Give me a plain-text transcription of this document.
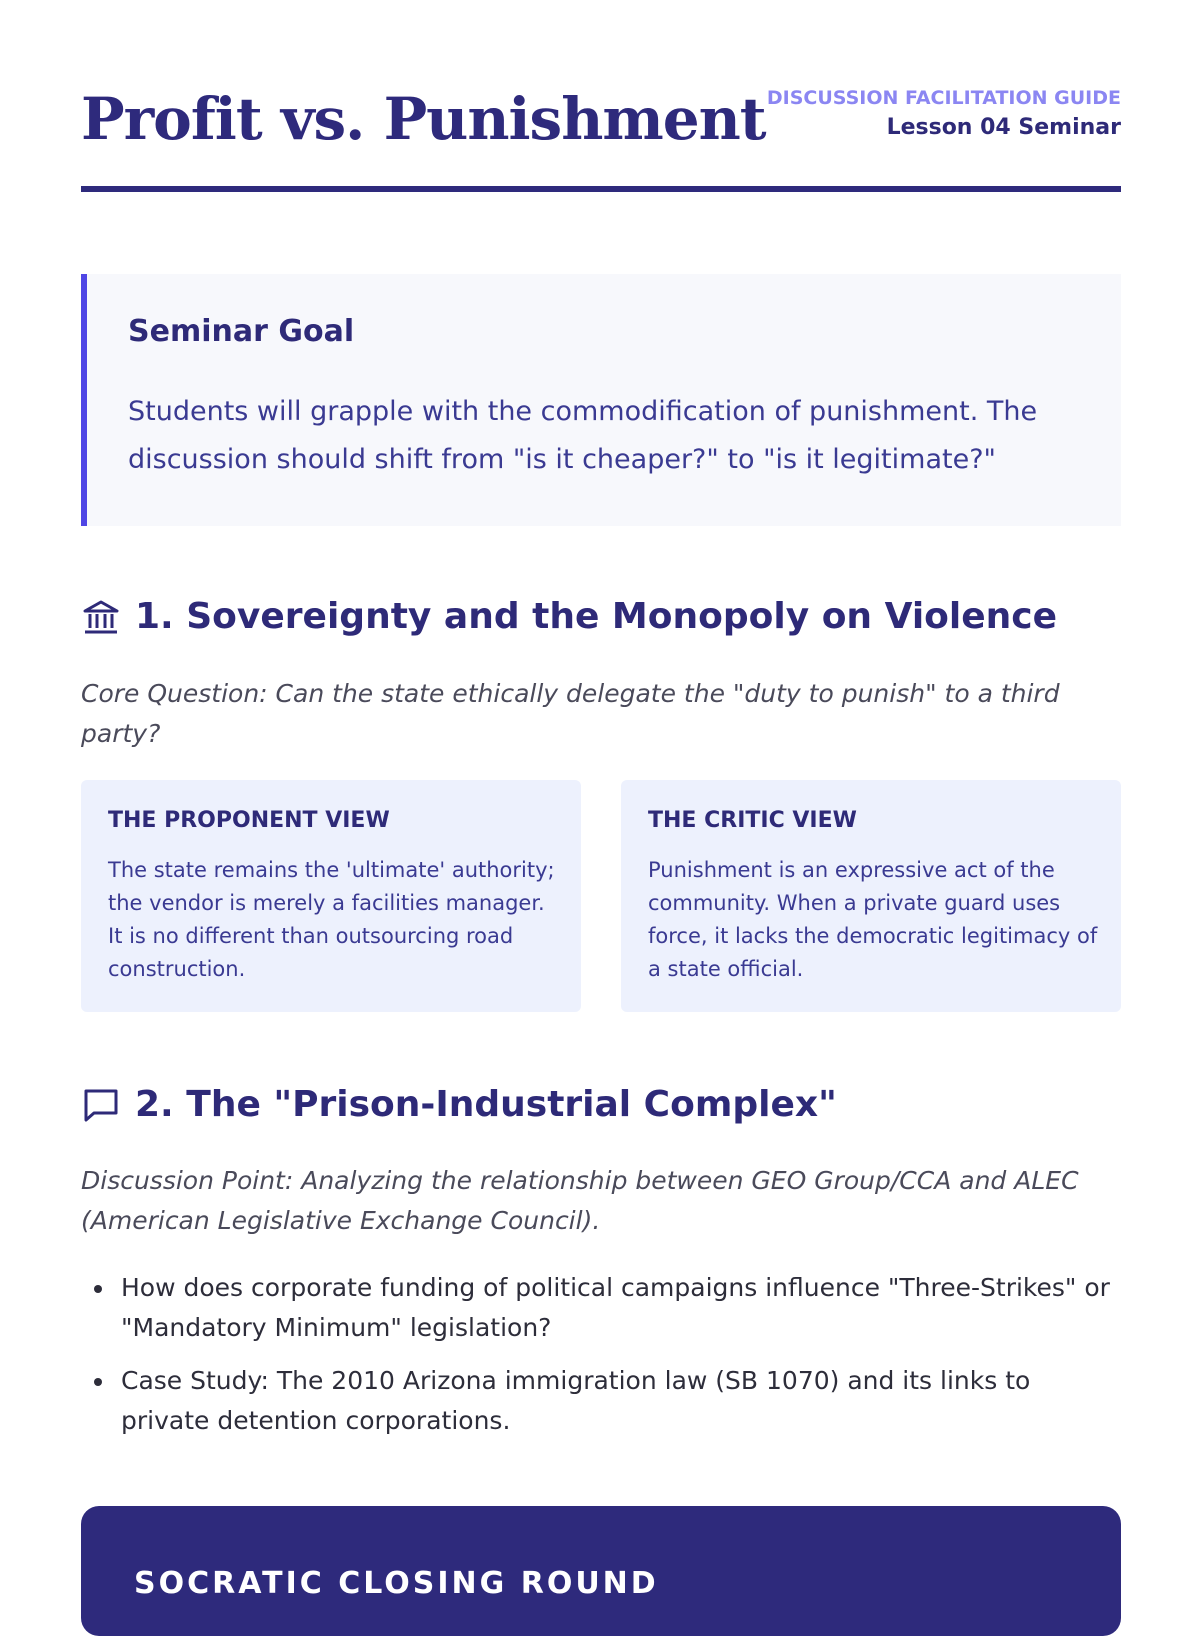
Profit vs. Punishment DISCUSSION FACILITATION GUIDE
Lesson 04 Seminar
Seminar Goal
Students will grapple with the commodification of punishment. The discussion should shift from "is it cheaper?" to "is it legitimate?"
1. Sovereignty and the Monopoly on Violence
Core Question: Can the state ethically delegate the "duty to punish" to a third party?
THE PROPONENT VIEW
The state remains the 'ultimate' authority; the vendor is merely a facilities manager. It is no different than outsourcing road construction.
THE CRITIC VIEW
Punishment is an expressive act of the community. When a private guard uses force, it lacks the democratic legitimacy of a state official.
2. The "Prison-Industrial Complex"
Discussion Point: Analyzing the relationship between GEO Group/CCA and ALEC (American Legislative Exchange Council).
How does corporate funding of political campaigns influence "Three-Strikes" or "Mandatory Minimum" legislation?
Case Study: The 2010 Arizona immigration law (SB 1070) and its links to private detention corporations.
SOCRATIC CLOSING ROUND
